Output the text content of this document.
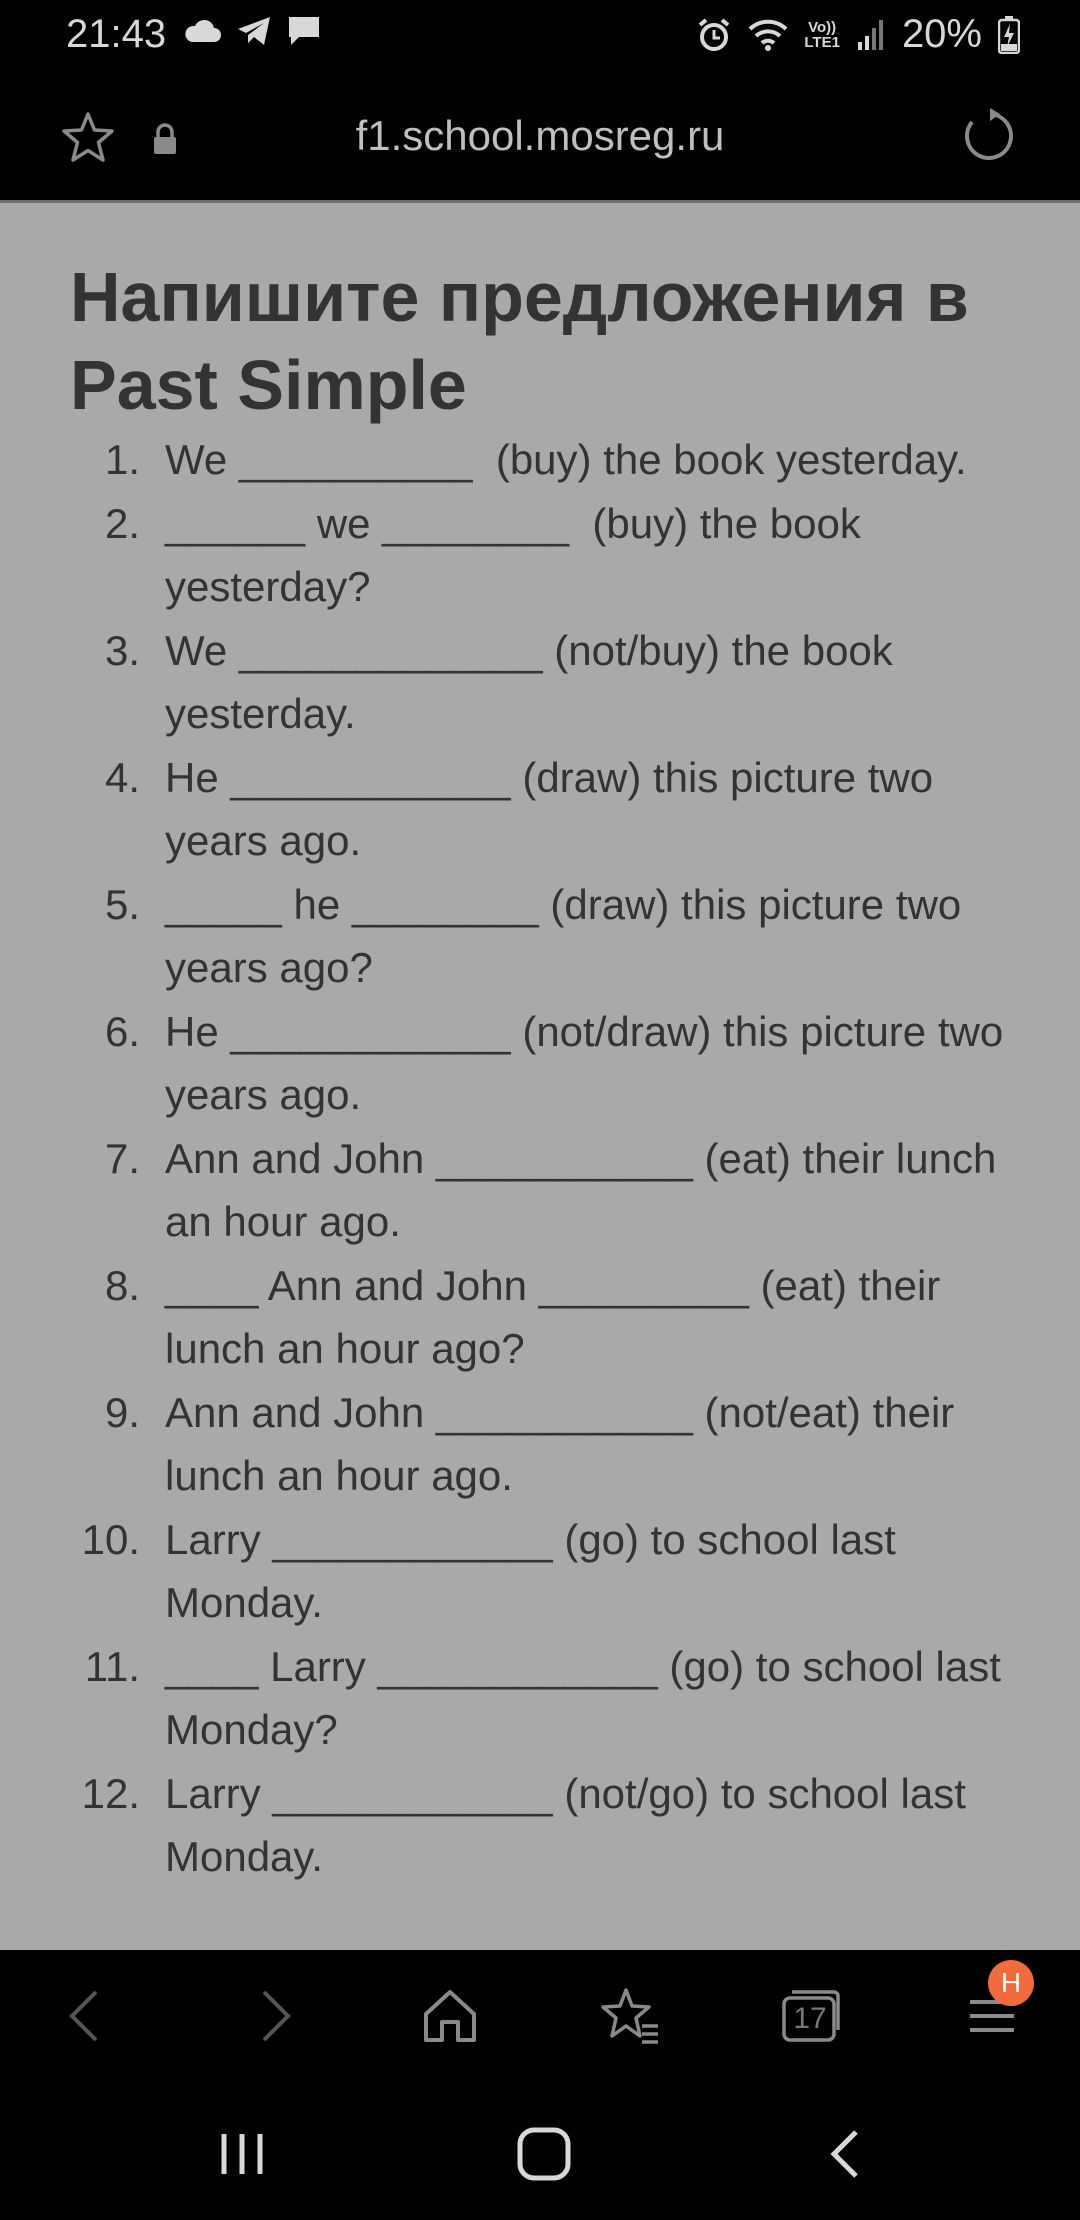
21:43	Vo))
LTE1 20%
f1.school.mosreg.ru
Напишите предложения в Past Simple
1. We __________  (buy) the book yesterday.
2. ______ we ________  (buy) the book yesterday?
3. We _____________ (not/buy) the book yesterday.
4. He ____________ (draw) this picture two years ago.
5. _____ he ________ (draw) this picture two years ago?
6. He ____________ (not/draw) this picture two years ago.
7. Ann and John ___________ (eat) their lunch an hour ago.
8. ____ Ann and John _________ (eat) their lunch an hour ago?
9. Ann and John ___________ (not/eat) their lunch an hour ago.
10. Larry ____________ (go) to school last Monday.
11. ____ Larry ____________ (go) to school last Monday?
12. Larry ____________ (not/go) to school last Monday.
17
Н
